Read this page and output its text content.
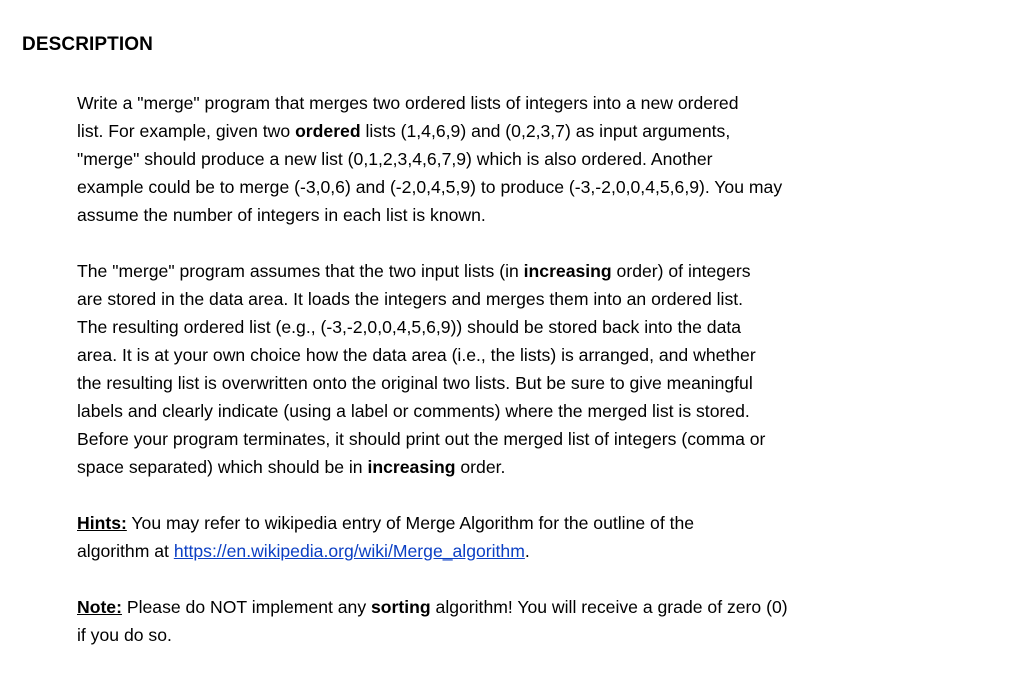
DESCRIPTION

Write a "merge" program that merges two ordered lists of integers into a new ordered
list. For example, given two ordered lists (1,4,6,9) and (0,2,3,7) as input arguments,
"merge" should produce a new list (0,1,2,3,4,6,7,9) which is also ordered. Another
example could be to merge (-3,0,6) and (-2,0,4,5,9) to produce (-3,-2,0,0,4,5,6,9). You may
assume the number of integers in each list is known.

The "merge" program assumes that the two input lists (in increasing order) of integers
are stored in the data area. It loads the integers and merges them into an ordered list.
The resulting ordered list (e.g., (-3,-2,0,0,4,5,6,9)) should be stored back into the data
area. It is at your own choice how the data area (i.e., the lists) is arranged, and whether
the resulting list is overwritten onto the original two lists. But be sure to give meaningful
labels and clearly indicate (using a label or comments) where the merged list is stored.
Before your program terminates, it should print out the merged list of integers (comma or
space separated) which should be in increasing order.

Hints: You may refer to wikipedia entry of Merge Algorithm for the outline of the
algorithm at https://en.wikipedia.org/wiki/Merge_algorithm.

Note: Please do NOT implement any sorting algorithm! You will receive a grade of zero (0)
if you do so.
